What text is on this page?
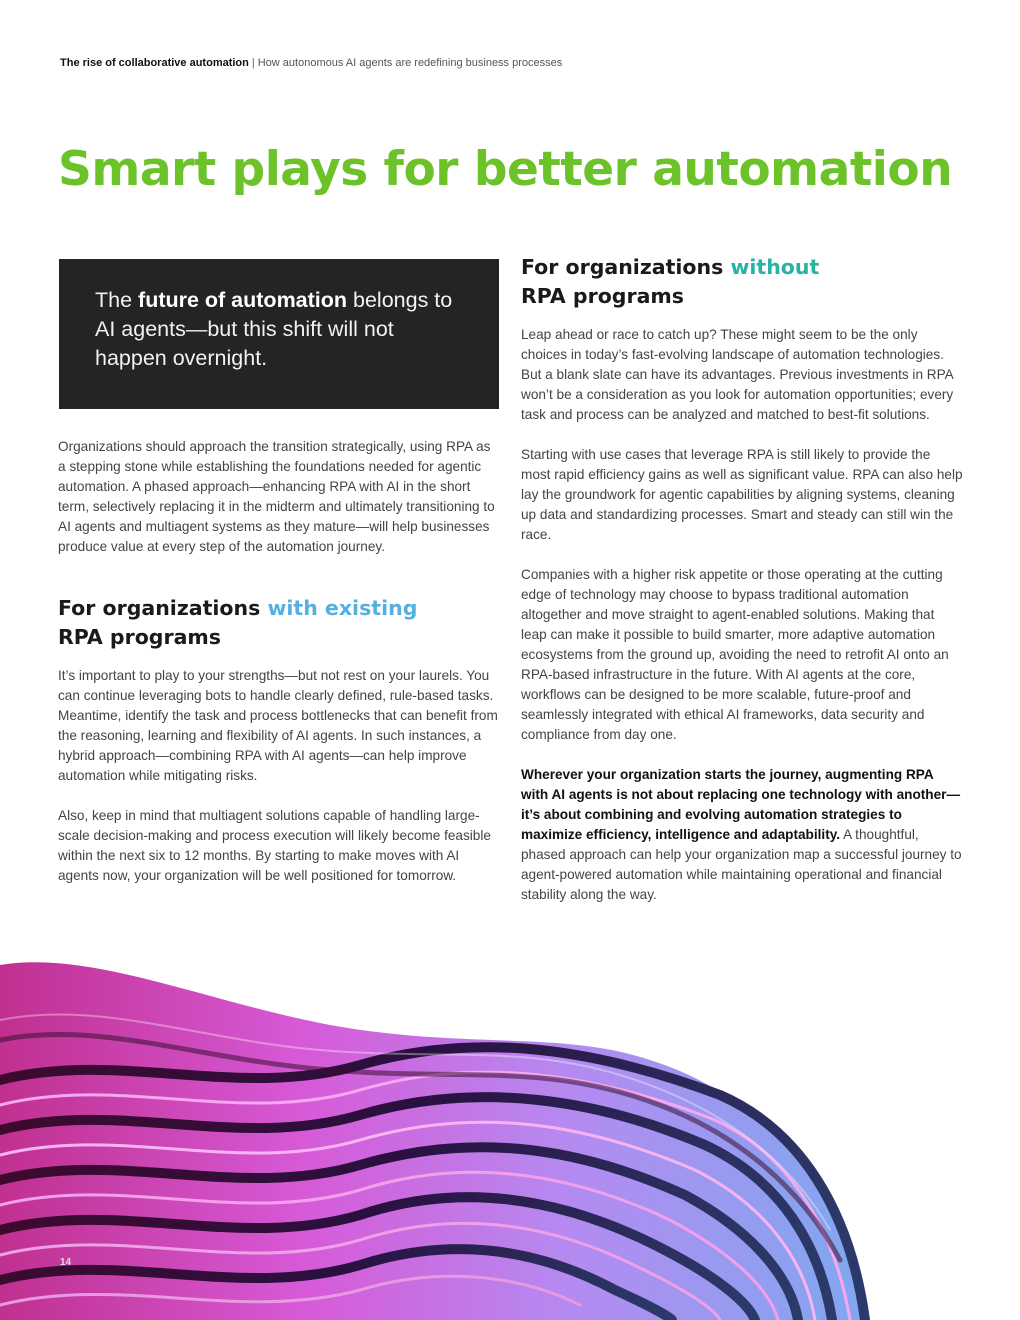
The rise of collaborative automation | How autonomous AI agents are redefining business processes
Smart plays for better automation
The future of automation belongs to AI agents—but this shift will not happen overnight.

Organizations should approach the transition strategically, using RPA as a stepping stone while establishing the foundations needed for agentic automation. A phased approach—enhancing RPA with AI in the short term, selectively replacing it in the midterm and ultimately transitioning to AI agents and multiagent systems as they mature—will help businesses produce value at every step of the automation journey.

For organizations with existing
RPA programs

It’s important to play to your strengths—but not rest on your laurels. You can continue leveraging bots to handle clearly defined, rule-based tasks. Meantime, identify the task and process bottlenecks that can benefit from the reasoning, learning and flexibility of AI agents. In such instances, a hybrid approach—combining RPA with AI agents—can help improve automation while mitigating risks.

Also, keep in mind that multiagent solutions capable of handling large-scale decision-making and process execution will likely become feasible within the next six to 12 months. By starting to make moves with AI agents now, your organization will be well positioned for tomorrow.

For organizations without
RPA programs

Leap ahead or race to catch up? These might seem to be the only choices in today’s fast-evolving landscape of automation technologies. But a blank slate can have its advantages. Previous investments in RPA won’t be a consideration as you look for automation opportunities; every task and process can be analyzed and matched to best-fit solutions.

Starting with use cases that leverage RPA is still likely to provide the most rapid efficiency gains as well as significant value. RPA can also help lay the groundwork for agentic capabilities by aligning systems, cleaning up data and standardizing processes. Smart and steady can still win the race.

Companies with a higher risk appetite or those operating at the cutting edge of technology may choose to bypass traditional automation altogether and move straight to agent-enabled solutions. Making that leap can make it possible to build smarter, more adaptive automation ecosystems from the ground up, avoiding the need to retrofit AI onto an RPA-based infrastructure in the future. With AI agents at the core, workflows can be designed to be more scalable, future-proof and seamlessly integrated with ethical AI frameworks, data security and compliance from day one.

Wherever your organization starts the journey, augmenting RPA with AI agents is not about replacing one technology with another—it’s about combining and evolving automation strategies to maximize efficiency, intelligence and adaptability. A thoughtful, phased approach can help your organization map a successful journey to agent-powered automation while maintaining operational and financial stability along the way.

14
